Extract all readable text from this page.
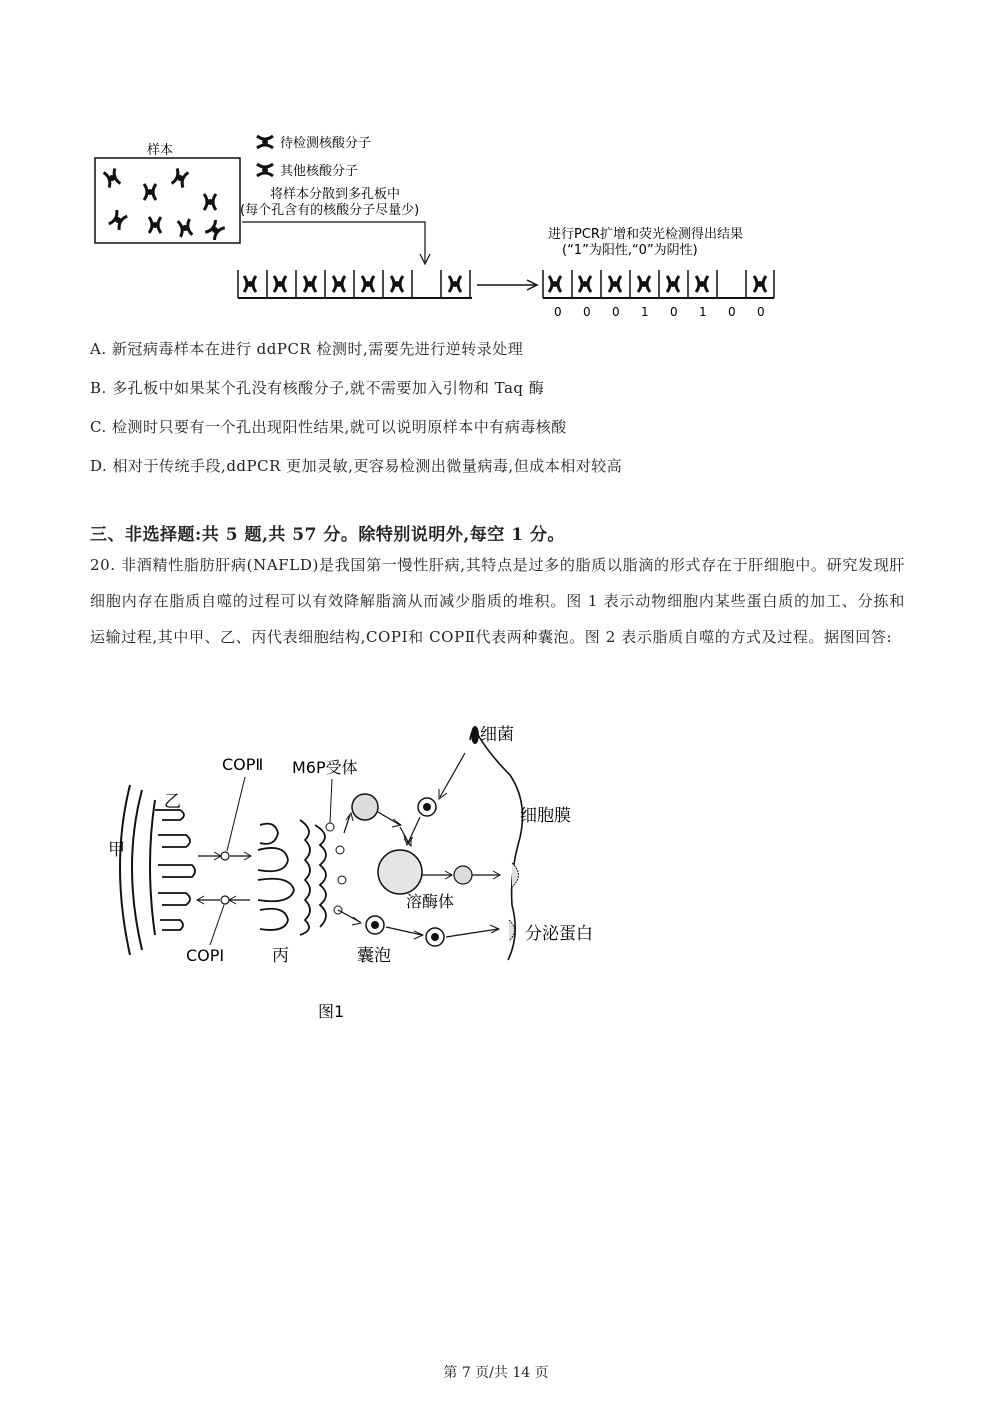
样本	待检测核酸分子
其他核酸分子
将样本分散到多孔板中
(每个孔含有的核酸分子尽量少)
进行PCR扩增和荧光检测得出结果
(“1”为阳性,“0”为阴性)
0 0 0 1 0 1 0 0
A. 新冠病毒样本在进行 ddPCR 检测时,需要先进行逆转录处理
B. 多孔板中如果某个孔没有核酸分子,就不需要加入引物和 Taq 酶
C. 检测时只要有一个孔出现阳性结果,就可以说明原样本中有病毒核酸
D. 相对于传统手段,ddPCR 更加灵敏,更容易检测出微量病毒,但成本相对较高
三、非选择题:共 5 题,共 57 分。除特别说明外,每空 1 分。
20. 非酒精性脂肪肝病(NAFLD)是我国第一慢性肝病,其特点是过多的脂质以脂滴的形式存在于肝细胞中。研究发现肝细胞内存在脂质自噬的过程可以有效降解脂滴从而减少脂质的堆积。图 1 表示动物细胞内某些蛋白质的加工、分拣和运输过程,其中甲、乙、丙代表细胞结构,COPⅠ和 COPⅡ代表两种囊泡。图 2 表示脂质自噬的方式及过程。据图回答:
甲
乙
COPⅡ
COPⅠ	丙
M6P受体
溶酶体
细菌
细胞膜
囊泡
分泌蛋白
图1
第 7 页/共 14 页
